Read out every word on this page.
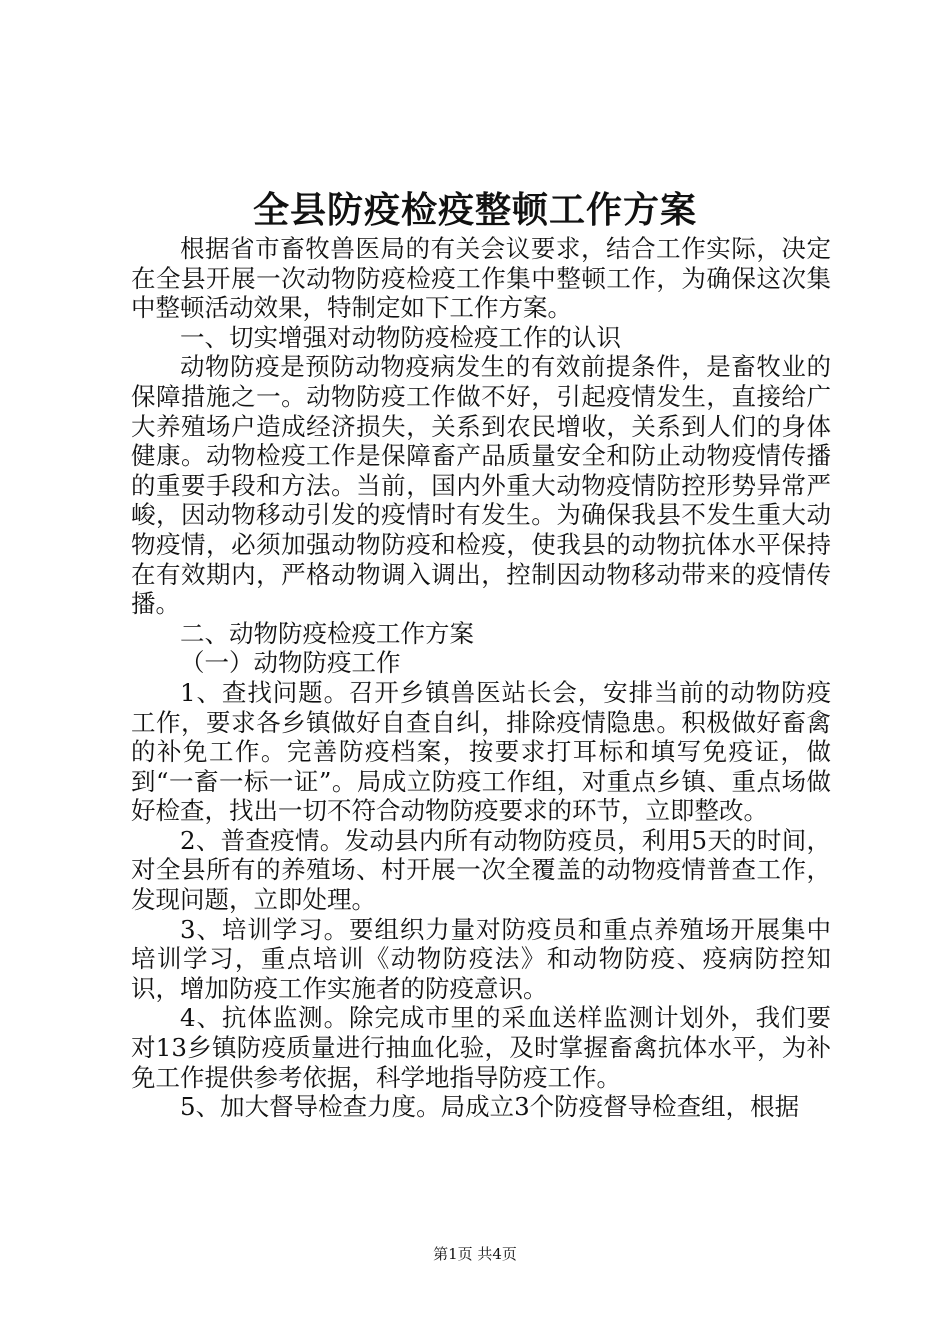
全县防疫检疫整顿工作方案

根据省市畜牧兽医局的有关会议要求，结合工作实际，决定在全县开展一次动物防疫检疫工作集中整顿工作，为确保这次集中整顿活动效果，特制定如下工作方案。

一、切实增强对动物防疫检疫工作的认识

动物防疫是预防动物疫病发生的有效前提条件，是畜牧业的保障措施之一。动物防疫工作做不好，引起疫情发生，直接给广大养殖场户造成经济损失，关系到农民增收，关系到人们的身体健康。动物检疫工作是保障畜产品质量安全和防止动物疫情传播的重要手段和方法。当前，国内外重大动物疫情防控形势异常严峻，因动物移动引发的疫情时有发生。为确保我县不发生重大动物疫情，必须加强动物防疫和检疫，使我县的动物抗体水平保持在有效期内，严格动物调入调出，控制因动物移动带来的疫情传播。

二、动物防疫检疫工作方案

（一）动物防疫工作

1、查找问题。召开乡镇兽医站长会，安排当前的动物防疫工作，要求各乡镇做好自查自纠，排除疫情隐患。积极做好畜禽的补免工作。完善防疫档案，按要求打耳标和填写免疫证，做到“一畜一标一证”。局成立防疫工作组，对重点乡镇、重点场做好检查，找出一切不符合动物防疫要求的环节，立即整改。

2、普查疫情。发动县内所有动物防疫员，利用5天的时间，对全县所有的养殖场、村开展一次全覆盖的动物疫情普查工作，发现问题，立即处理。

3、培训学习。要组织力量对防疫员和重点养殖场开展集中培训学习，重点培训《动物防疫法》和动物防疫、疫病防控知识，增加防疫工作实施者的防疫意识。

4、抗体监测。除完成市里的采血送样监测计划外，我们要对13乡镇防疫质量进行抽血化验，及时掌握畜禽抗体水平，为补免工作提供参考依据，科学地指导防疫工作。

5、加大督导检查力度。局成立3个防疫督导检查组，根据

第1页 共4页
